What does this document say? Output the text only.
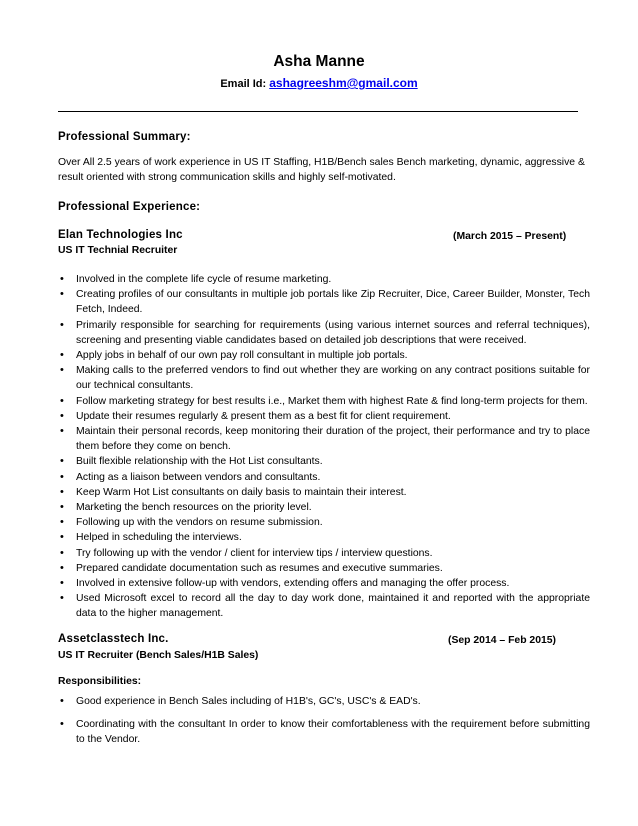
Asha Manne
Email Id: ashagreeshm@gmail.com
Professional Summary:
Over All 2.5 years of work experience in US IT Staffing, H1B/Bench sales Bench marketing, dynamic, aggressive & result oriented with strong communication skills and highly self-motivated.
Professional Experience:
Elan Technologies Inc	(March 2015 – Present)
US IT Technial Recruiter
• Involved in the complete life cycle of resume marketing.
• Creating profiles of our consultants in multiple job portals like Zip Recruiter, Dice, Career Builder, Monster, Tech Fetch, Indeed.
• Primarily responsible for searching for requirements (using various internet sources and referral techniques), screening and presenting viable candidates based on detailed job descriptions that were received.
• Apply jobs in behalf of our own pay roll consultant in multiple job portals.
• Making calls to the preferred vendors to find out whether they are working on any contract positions suitable for our technical consultants.
• Follow marketing strategy for best results i.e., Market them with highest Rate & find long-term projects for them.
• Update their resumes regularly & present them as a best fit for client requirement.
• Maintain their personal records, keep monitoring their duration of the project, their performance and try to place them before they come on bench.
• Built flexible relationship with the Hot List consultants.
• Acting as a liaison between vendors and consultants.
• Keep Warm Hot List consultants on daily basis to maintain their interest.
• Marketing the bench resources on the priority level.
• Following up with the vendors on resume submission.
• Helped in scheduling the interviews.
• Try following up with the vendor / client for interview tips / interview questions.
• Prepared candidate documentation such as resumes and executive summaries.
• Involved in extensive follow-up with vendors, extending offers and managing the offer process.
• Used Microsoft excel to record all the day to day work done, maintained it and reported with the appropriate data to the higher management.
Assetclasstech Inc.	(Sep 2014 – Feb 2015)
US IT Recruiter (Bench Sales/H1B Sales)
Responsibilities:
• Good experience in Bench Sales including of H1B's, GC's, USC's & EAD's.
• Coordinating with the consultant In order to know their comfortableness with the requirement before submitting to the Vendor.
